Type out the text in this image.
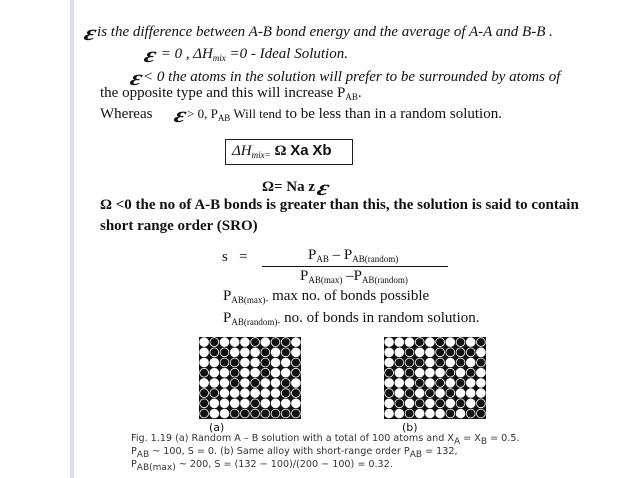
εis the difference between A-B bond energy and the average of A-A and B-B .
ε = 0 , $\Delta H_{mix} =0$ - Ideal Solution.
ε< 0 the atoms in the solution will prefer to be surrounded by atoms of
the opposite type and this will increase $P_{AB}$.
Whereas ε> 0, $P_{AB}$ Will tend to be less than in a random solution.
$\Delta H_{mix=}$ Ω Xa Xb
Ω= Na z ε
Ω <0 the no of A-B bonds is greater than this, the solution is said to contain
short range order (SRO)
s =	$P_{AB} - P_{AB(random)}$
$P_{AB(max)}$ $-P_{AB(random)}$
$P_{AB(max)-}$ max no. of bonds possible
$P_{AB(random)-}$ no. of bonds in random solution.
(a)	(b)
Fig. 1.19 (a) Random A – B solution with a total of 100 atoms and $X_A = X_B = 0.5$.
$P_{AB}$ ~ 100, S = 0. (b) Same alloy with short-range order $P_{AB} = 132$,
$P_{AB(max)}$ ~ 200, S = (132 − 100)/(200 − 100) = 0.32.
